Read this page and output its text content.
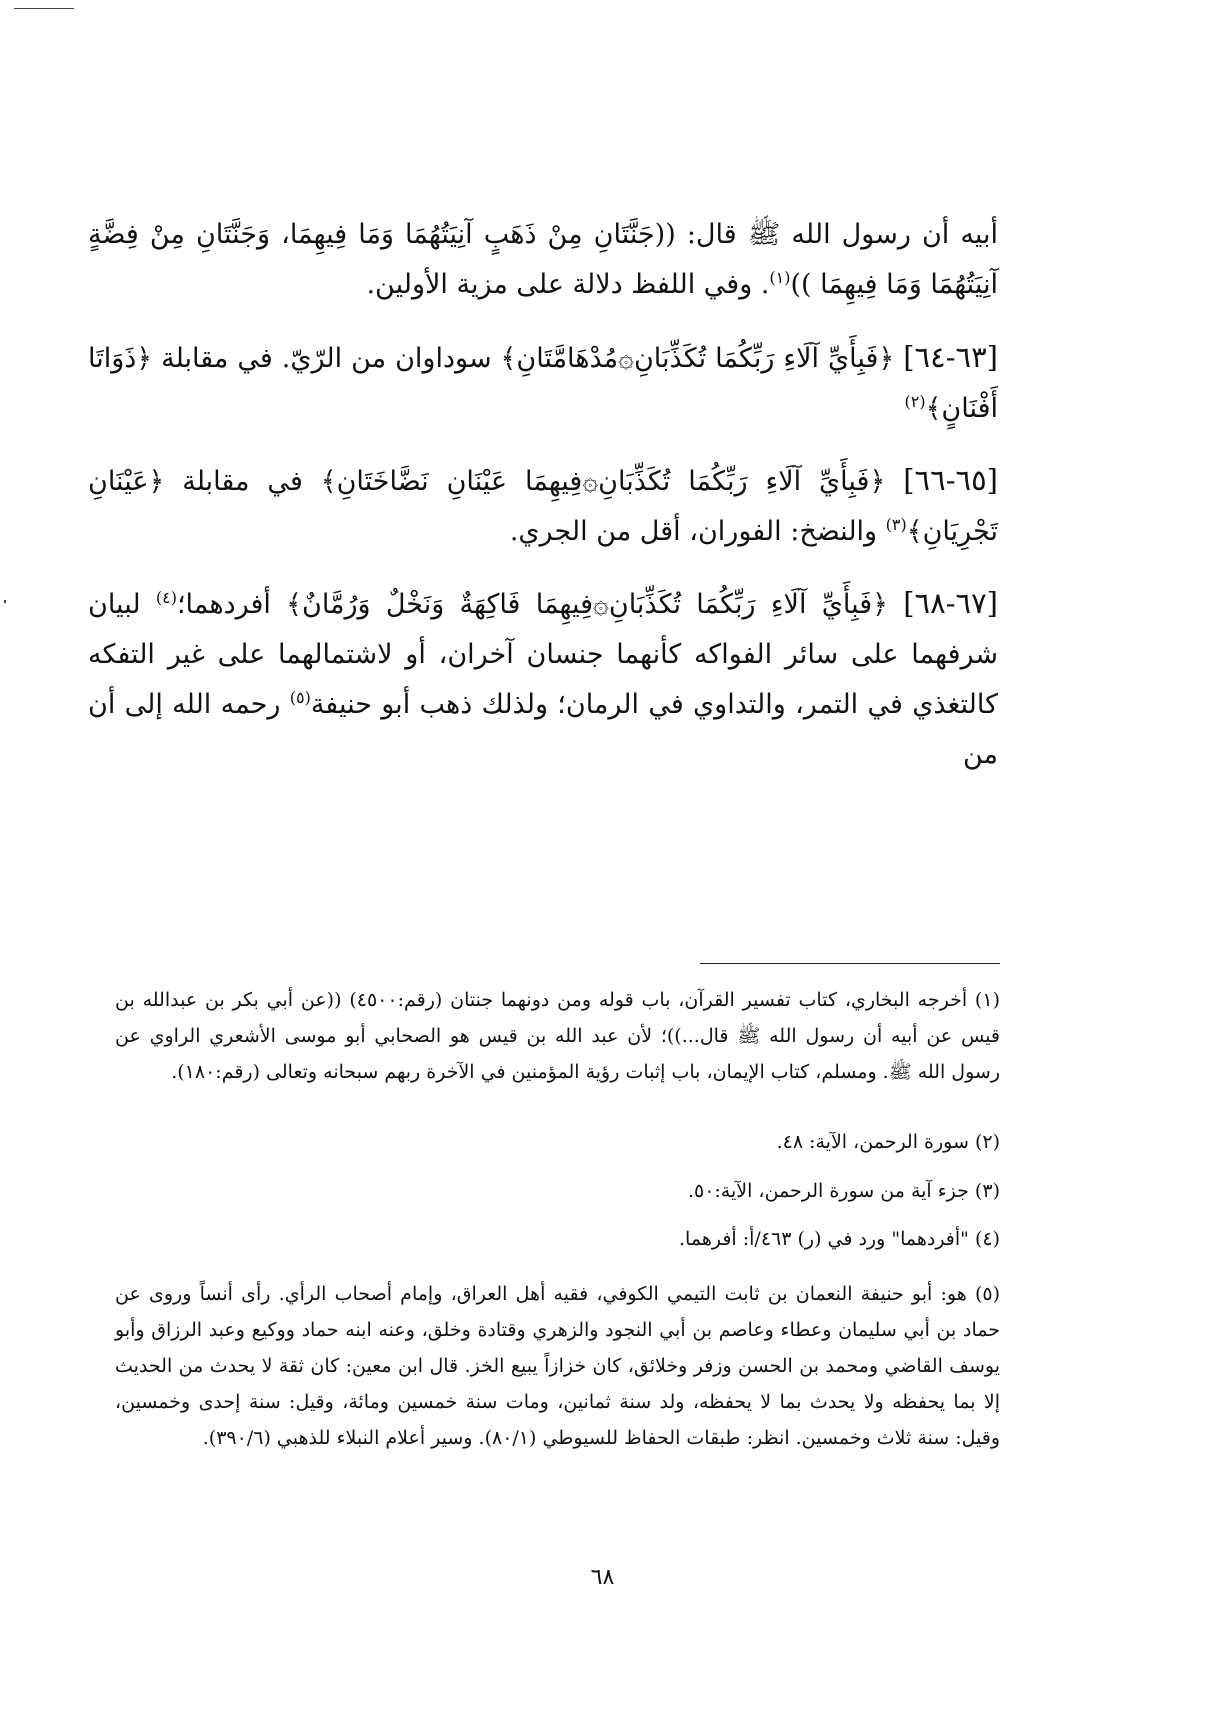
أبيه أن رسول الله ﷺ قال: ((جَنَّتَانِ مِنْ ذَهَبٍ آنِيَتُهُمَا وَمَا فِيهِمَا، وَجَنَّتَانِ مِنْ فِضَّةٍ آنِيَتُهُمَا وَمَا فِيهِمَا ))$^{(١)}$. وفي اللفظ دلالة على مزية الأولين.
[٦٣-٦٤] ﴿فَبِأَيِّ آلَاءِ رَبِّكُمَا تُكَذِّبَانِ۞مُدْهَامَّتَانِ﴾ سوداوان من الرّيّ. في مقابلة ﴿ذَوَاتَا أَفْنَانٍ﴾$^{(٢)}$
[٦٥-٦٦] ﴿فَبِأَيِّ آلَاءِ رَبِّكُمَا تُكَذِّبَانِ۞فِيهِمَا عَيْنَانِ نَضَّاخَتَانِ﴾ في مقابلة ﴿عَيْنَانِ تَجْرِيَانِ﴾$^{(٣)}$ والنضخ: الفوران، أقل من الجري.
[٦٧-٦٨] ﴿فَبِأَيِّ آلَاءِ رَبِّكُمَا تُكَذِّبَانِ۞فِيهِمَا فَاكِهَةٌ وَنَخْلٌ وَرُمَّانٌ﴾ أفردهما؛$^{(٤)}$ لبيان شرفهما على سائر الفواكه كأنهما جنسان آخران، أو لاشتمالهما على غير التفكه كالتغذي في التمر، والتداوي في الرمان؛ ولذلك ذهب أبو حنيفة$^{(٥)}$ رحمه الله إلى أن من
(١) أخرجه البخاري، كتاب تفسير القرآن، باب قوله ومن دونهما جنتان (رقم:٤٥٠٠) ((عن أبي بكر بن عبدالله بن قيس عن أبيه أن رسول الله ﷺ قال...))؛ لأن عبد الله بن قيس هو الصحابي أبو موسى الأشعري الراوي عن رسول الله ﷺ. ومسلم، كتاب الإيمان، باب إثبات رؤية المؤمنين في الآخرة ربهم سبحانه وتعالى (رقم:١٨٠).
(٢) سورة الرحمن، الآية: ٤٨.
(٣) جزء آية من سورة الرحمن، الآية:٥٠.
(٤) "أفردهما" ورد في (ر) ٤٦٣/أ: أفرهما.
(٥) هو: أبو حنيفة النعمان بن ثابت التيمي الكوفي، فقيه أهل العراق، وإمام أصحاب الرأي. رأى أنساً وروى عن حماد بن أبي سليمان وعطاء وعاصم بن أبي النجود والزهري وقتادة وخلق، وعنه ابنه حماد ووكيع وعبد الرزاق وأبو يوسف القاضي ومحمد بن الحسن وزفر وخلائق، كان خزازاً يبيع الخز. قال ابن معين: كان ثقة لا يحدث من الحديث إلا بما يحفظه ولا يحدث بما لا يحفظه، ولد سنة ثمانين، ومات سنة خمسين ومائة، وقيل: سنة إحدى وخمسين، وقيل: سنة ثلاث وخمسين. انظر: طبقات الحفاظ للسيوطي (٨٠/١). وسير أعلام النبلاء للذهبي (٣٩٠/٦).
٦٨
